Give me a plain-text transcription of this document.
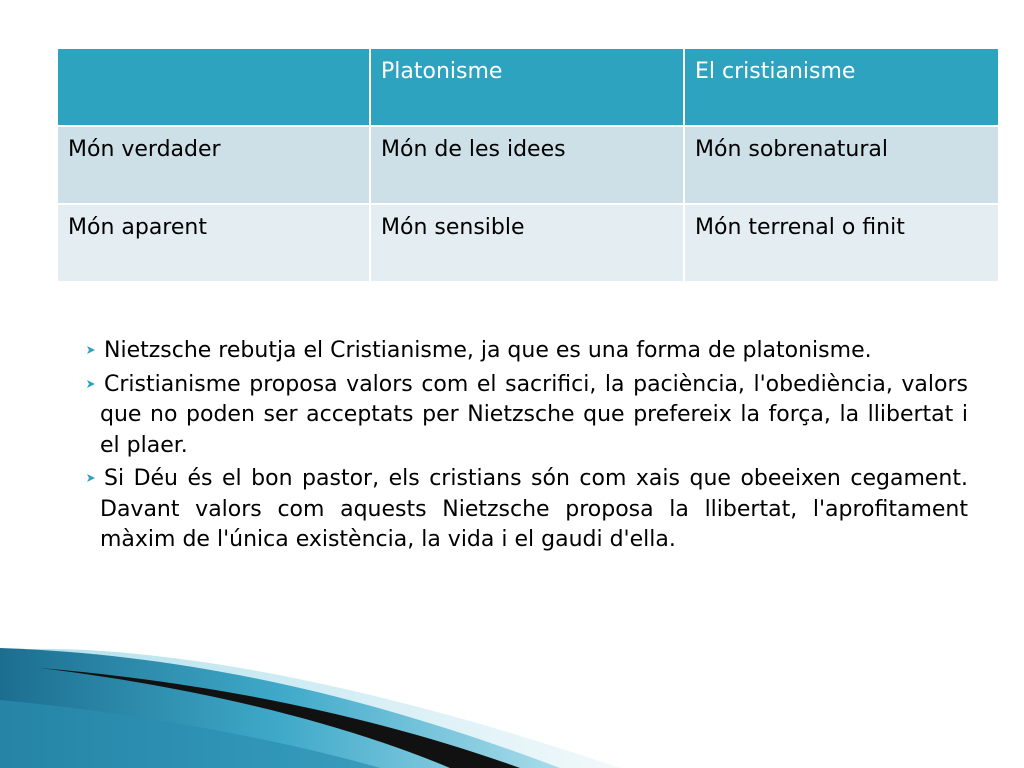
	Platonisme	El cristianisme
Món verdader	Món de les idees	Món sobrenatural
Món aparent	Món sensible	Món terrenal o finit

Nietzsche rebutja el Cristianisme, ja que es una forma de platonisme.

Cristianisme proposa valors com el sacrifici, la paciència, l'obediència, valors que no poden ser acceptats per Nietzsche que prefereix la força, la llibertat i el plaer.

Si Déu és el bon pastor, els cristians són com xais que obeeixen cegament. Davant valors com aquests Nietzsche proposa la llibertat, l'aprofitament màxim de l'única existència, la vida i el gaudi d'ella.
